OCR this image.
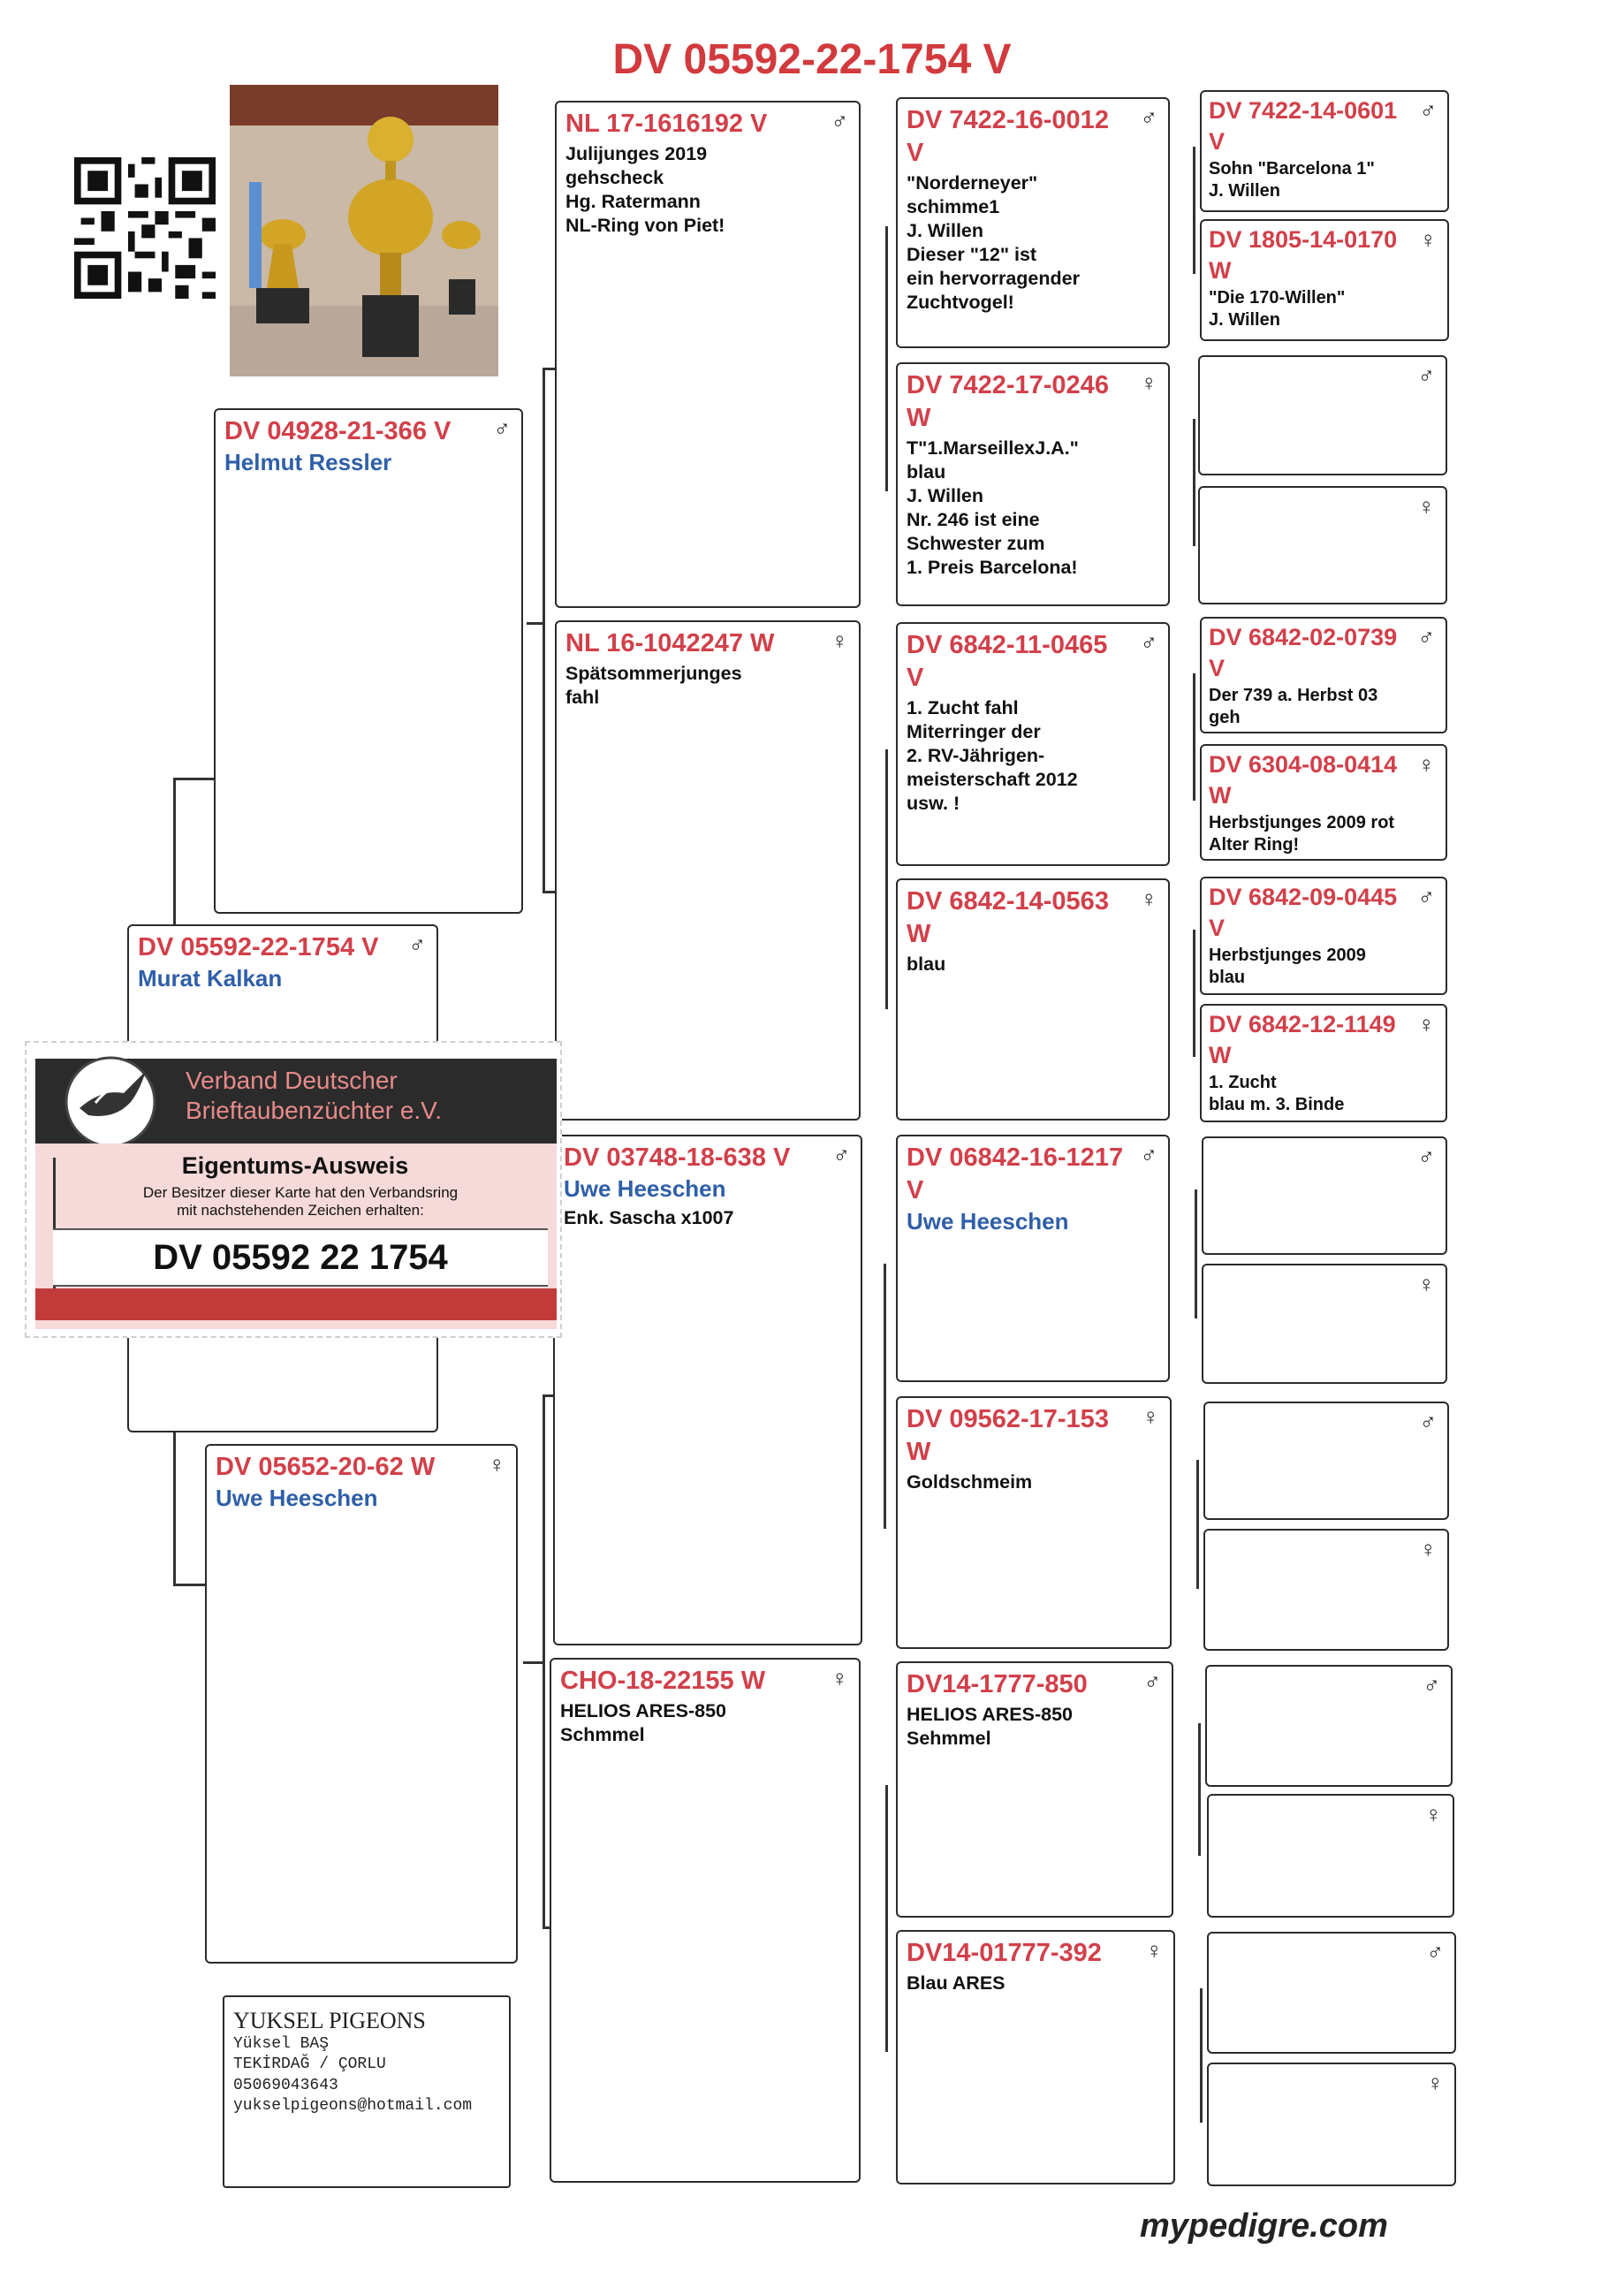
DV 05592-22-1754 V
DV 04928-21-366 V	♂
Helmut Ressler
DV 05592-22-1754 V	♂
Murat Kalkan
DV 05652-20-62 W	♀
Uwe Heeschen
NL 17-1616192 V	♂
Julijunges 2019
gehscheck
Hg. Ratermann
NL-Ring von Piet!
NL 16-1042247 W	♀
Spätsommerjunges
fahl
DV 03748-18-638 V	♂
Uwe Heeschen
Enk. Sascha x1007
CHO-18-22155 W	♀
HELIOS ARES-850
Schmmel
DV 7422-16-0012 V
♂
"Norderneyer"
schimme1
J. Willen
Dieser "12" ist
ein hervorragender
Zuchtvogel!
DV 7422-17-0246 W
♀
T"1.MarseilleхJ.A."
blau
J. Willen
Nr. 246 ist eine
Schwester zum
1. Preis Barcelona!
DV 6842-11-0465 V
♂
1. Zucht fahl
Miterringer der
2. RV-Jährigen-
meisterschaft 2012
usw. !
DV 6842-14-0563 W
♀
blau
DV 06842-16-1217 V
♂
Uwe Heeschen
DV 09562-17-153 W
♀
Goldschmeim
DV14-1777-850	♂
HELIOS ARES-850
Sehmmel
DV14-01777-392	♀
Blau ARES
DV 7422-14-0601 V
♂
Sohn "Barcelona 1"
J. Willen
DV 1805-14-0170 W
♀
"Die 170-Willen"
J. Willen
♂
♀
DV 6842-02-0739 V
♂
Der 739 a. Herbst 03
geh
DV 6304-08-0414 W
♀
Herbstjunges 2009 rot
Alter Ring!
DV 6842-09-0445 V
♂
Herbstjunges 2009
blau
DV 6842-12-1149 W
♀
1. Zucht
blau m. 3. Binde
♂
♀
♂
♀
♂
♀
♂
♀
Verband Deutscher
Brieftaubenzüchter e.V.
Eigentums-Ausweis
Der Besitzer dieser Karte hat den Verbandsring
mit nachstehenden Zeichen erhalten:
DV 05592 22 1754
YUKSEL PIGEONS
Yüksel BAŞ
TEKİRDAĞ / ÇORLU
05069043643
yukselpigeons@hotmail.com
mypedigre.com
